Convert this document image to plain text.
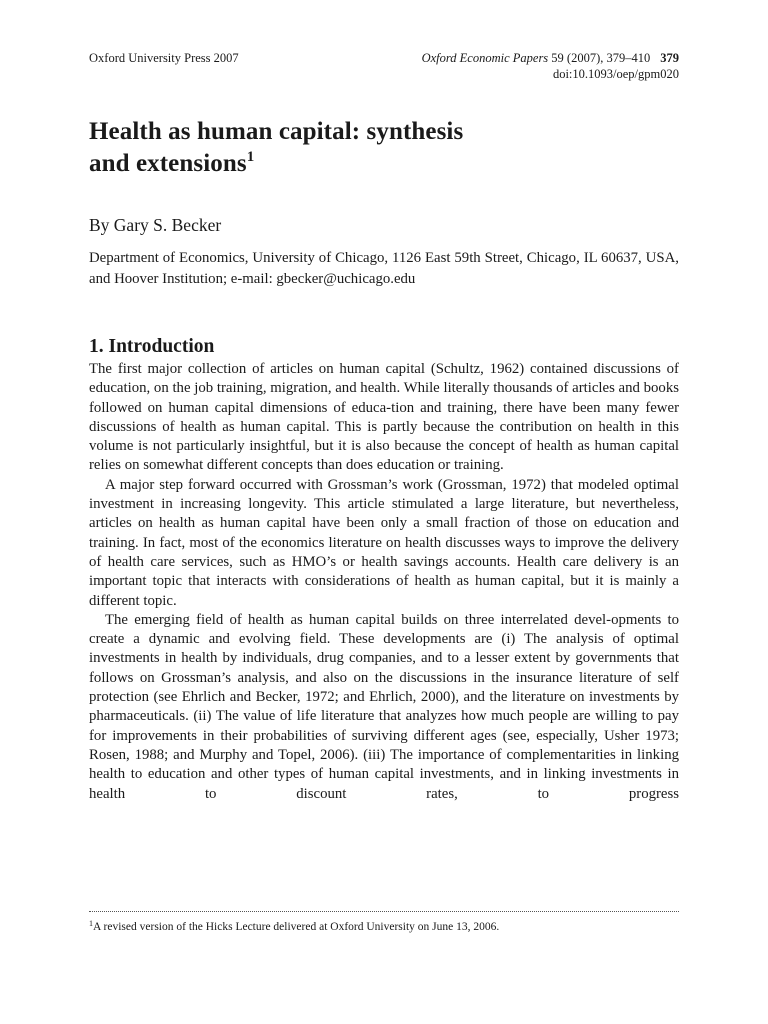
Oxford University Press 2007	Oxford Economic Papers 59 (2007), 379–410 379
doi:10.1093/oep/gpm020
Health as human capital: synthesis
and extensions$^1$
By Gary S. Becker
Department of Economics, University of Chicago, 1126 East 59th Street, Chicago, IL 60637, USA, and Hoover Institution; e-mail: gbecker@uchicago.edu
1. Introduction

The first major collection of articles on human capital (Schultz, 1962) contained discussions of education, on the job training, migration, and health. While literally thousands of articles and books followed on human capital dimensions of educa-tion and training, there have been many fewer discussions of health as human capital. This is partly because the contribution on health in this volume is not particularly insightful, but it is also because the concept of health as human capital relies on somewhat different concepts than does education or training.

A major step forward occurred with Grossman’s work (Grossman, 1972) that modeled optimal investment in increasing longevity. This article stimulated a large literature, but nevertheless, articles on health as human capital have been only a small fraction of those on education and training. In fact, most of the economics literature on health discusses ways to improve the delivery of health care services, such as HMO’s or health savings accounts. Health care delivery is an important topic that interacts with considerations of health as human capital, but it is mainly a different topic.

The emerging field of health as human capital builds on three interrelated devel-opments to create a dynamic and evolving field. These developments are (i) The analysis of optimal investments in health by individuals, drug companies, and to a lesser extent by governments that follows on Grossman’s analysis, and also on the discussions in the insurance literature of self protection (see Ehrlich and Becker, 1972; and Ehrlich, 2000), and the literature on investments by pharmaceuticals. (ii) The value of life literature that analyzes how much people are willing to pay for improvements in their probabilities of surviving different ages (see, especially, Usher 1973; Rosen, 1988; and Murphy and Topel, 2006). (iii) The importance of complementarities in linking health to education and other types of human capital investments, and in linking investments in health to discount rates, to progress

$^1$A revised version of the Hicks Lecture delivered at Oxford University on June 13, 2006.
